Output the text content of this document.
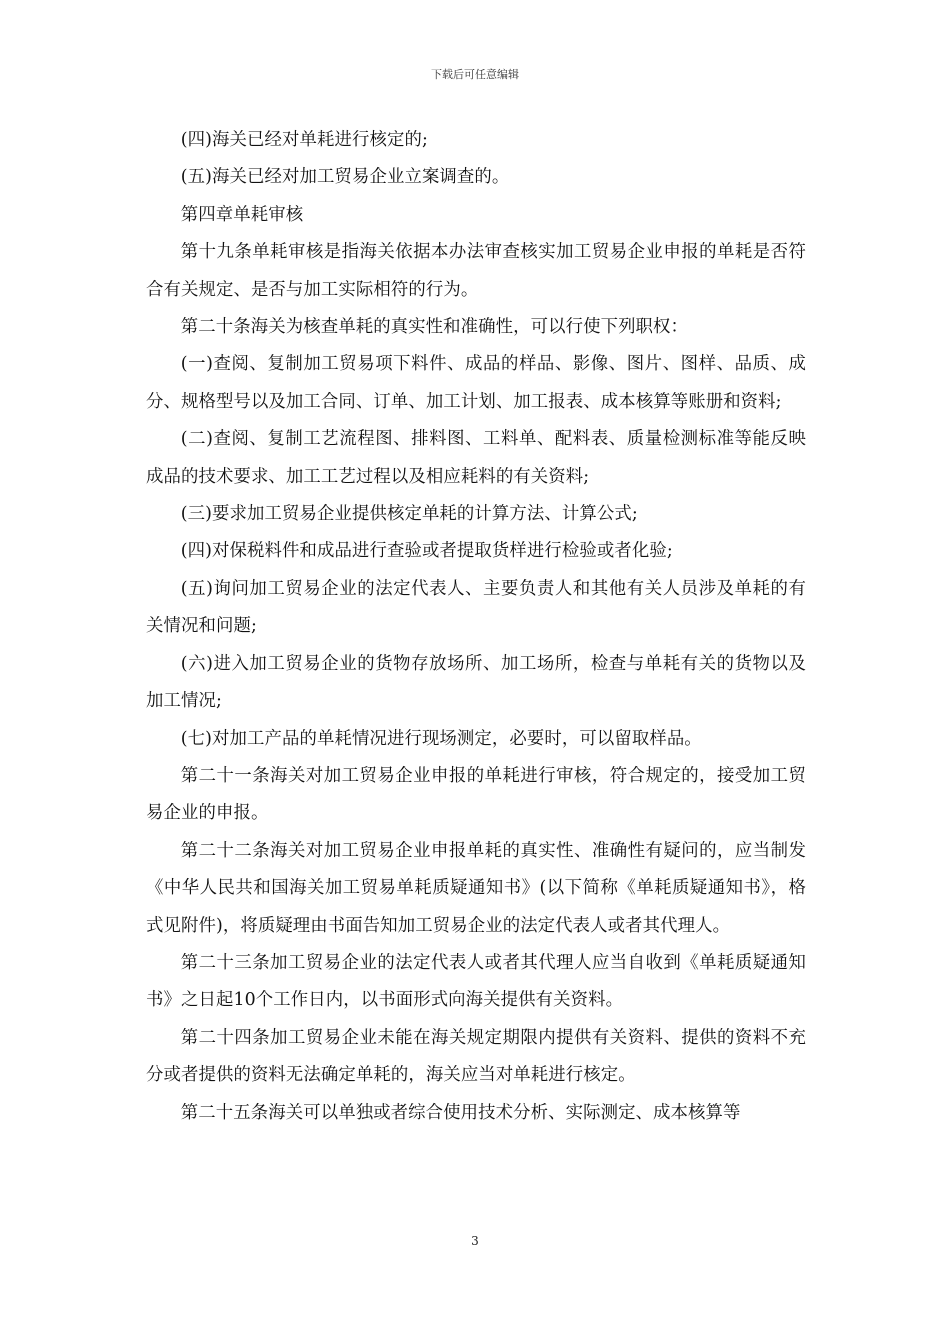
下载后可任意编辑

(四)海关已经对单耗进行核定的;

(五)海关已经对加工贸易企业立案调查的。

第四章单耗审核

第十九条单耗审核是指海关依据本办法审查核实加工贸易企业申报的单耗是否符合有关规定、是否与加工实际相符的行为。

第二十条海关为核查单耗的真实性和准确性，可以行使下列职权：

(一)查阅、复制加工贸易项下料件、成品的样品、影像、图片、图样、品质、成分、规格型号以及加工合同、订单、加工计划、加工报表、成本核算等账册和资料;

(二)查阅、复制工艺流程图、排料图、工料单、配料表、质量检测标准等能反映成品的技术要求、加工工艺过程以及相应耗料的有关资料;

(三)要求加工贸易企业提供核定单耗的计算方法、计算公式;

(四)对保税料件和成品进行查验或者提取货样进行检验或者化验;

(五)询问加工贸易企业的法定代表人、主要负责人和其他有关人员涉及单耗的有关情况和问题;

(六)进入加工贸易企业的货物存放场所、加工场所，检查与单耗有关的货物以及加工情况;

(七)对加工产品的单耗情况进行现场测定，必要时，可以留取样品。

第二十一条海关对加工贸易企业申报的单耗进行审核，符合规定的，接受加工贸易企业的申报。

第二十二条海关对加工贸易企业申报单耗的真实性、准确性有疑问的，应当制发《中华人民共和国海关加工贸易单耗质疑通知书》(以下简称《单耗质疑通知书》，格式见附件)，将质疑理由书面告知加工贸易企业的法定代表人或者其代理人。

第二十三条加工贸易企业的法定代表人或者其代理人应当自收到《单耗质疑通知书》之日起10个工作日内，以书面形式向海关提供有关资料。

第二十四条加工贸易企业未能在海关规定期限内提供有关资料、提供的资料不充分或者提供的资料无法确定单耗的，海关应当对单耗进行核定。

第二十五条海关可以单独或者综合使用技术分析、实际测定、成本核算等

3
